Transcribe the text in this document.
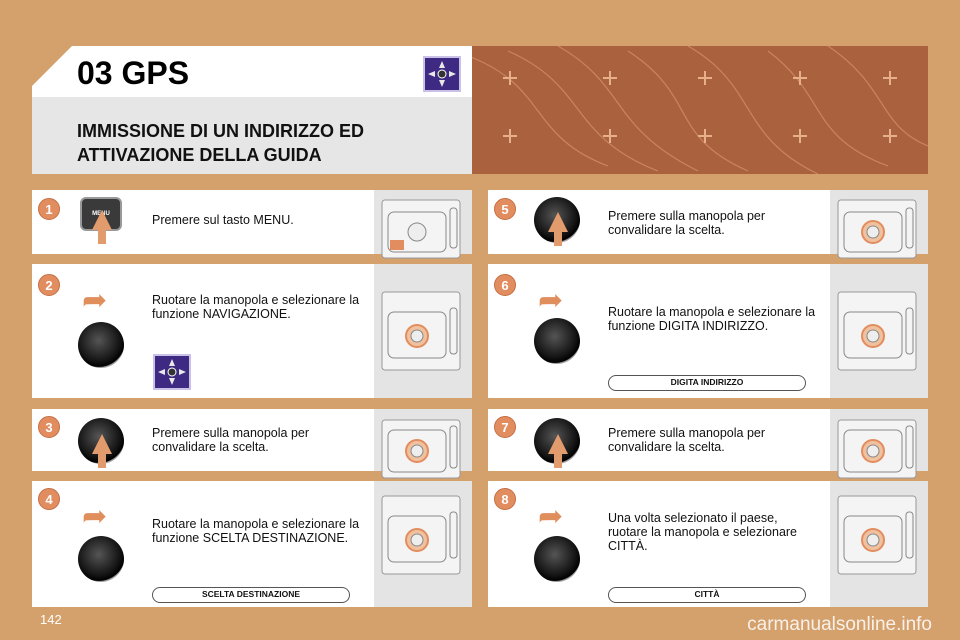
03 GPS
IMMISSIONE DI UN INDIRIZZO ED ATTIVAZIONE DELLA GUIDA
1
2
3
4
5
6
7
8
Premere sul tasto MENU.
Ruotare la manopola e selezionare la funzione NAVIGAZIONE.
Premere sulla manopola per convalidare la scelta.
Ruotare la manopola e selezionare la funzione SCELTA DESTINAZIONE.
Premere sulla manopola per convalidare la scelta.
Ruotare la manopola e selezionare la funzione DIGITA INDIRIZZO.
Premere sulla manopola per convalidare la scelta.
Una volta selezionato il paese, ruotare la manopola e selezionare CITTÀ.
MENU
➦
➦
SCELTA DESTINAZIONE
➦
DIGITA INDIRIZZO
➦
CITTÀ
142	carmanualsonline.info
